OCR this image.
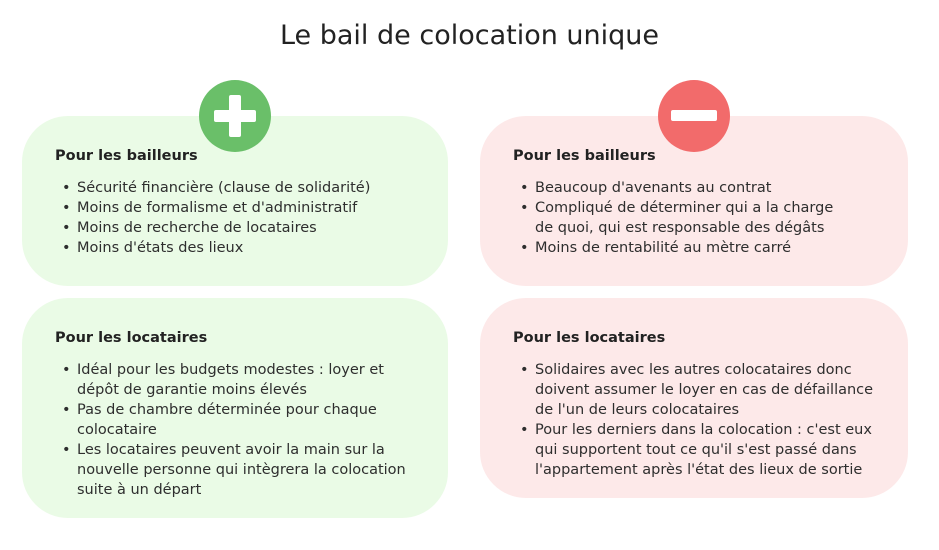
Le bail de colocation unique
Pour les bailleurs
• Sécurité financière (clause de solidarité)
• Moins de formalisme et d'administratif
• Moins de recherche de locataires
• Moins d'états des lieux
Pour les bailleurs
• Beaucoup d'avenants au contrat
• Compliqué de déterminer qui a la charge de quoi, qui est responsable des dégâts
• Moins de rentabilité au mètre carré
Pour les locataires
• Idéal pour les budgets modestes : loyer et dépôt de garantie moins élevés
• Pas de chambre déterminée pour chaque colocataire
• Les locataires peuvent avoir la main sur la nouvelle personne qui intègrera la colocation suite à un départ
Pour les locataires
• Solidaires avec les autres colocataires donc doivent assumer le loyer en cas de défaillance de l'un de leurs colocataires
• Pour les derniers dans la colocation : c'est eux qui supportent tout ce qu'il s'est passé dans l'appartement après l'état des lieux de sortie
